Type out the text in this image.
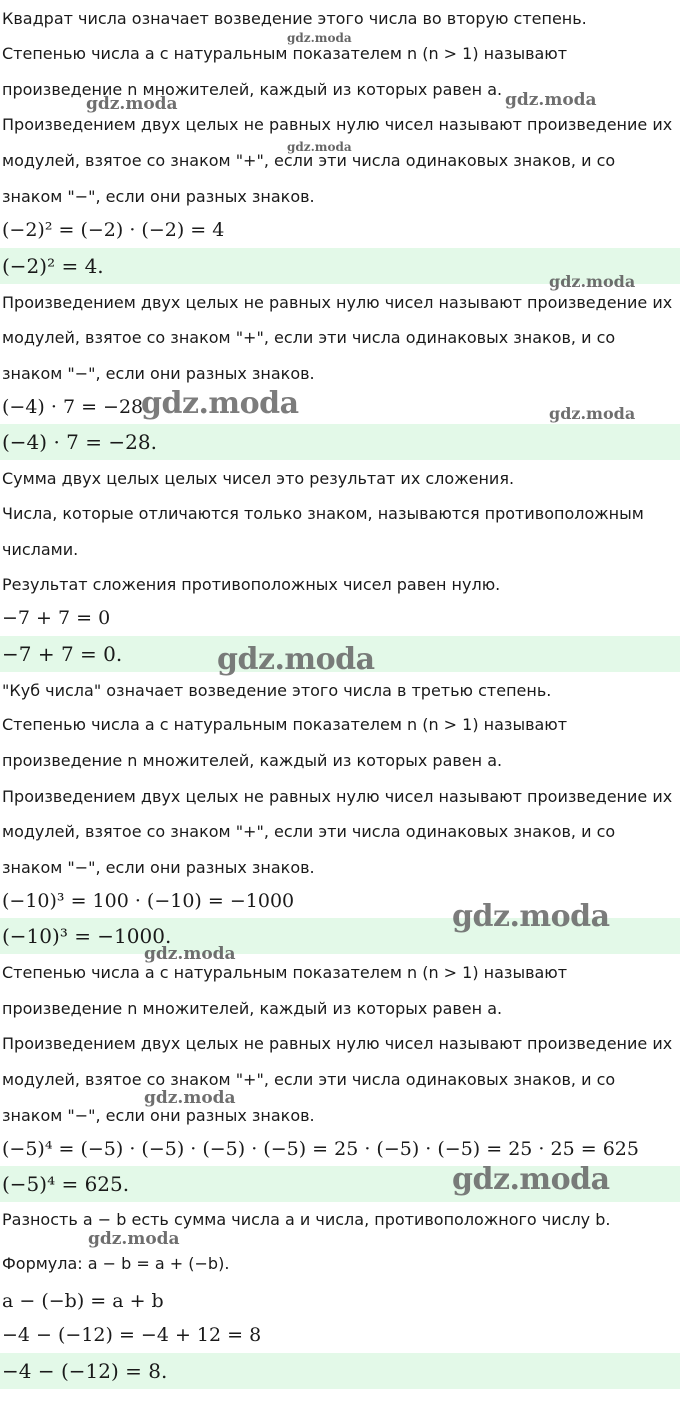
Квадрат числа означает возведение этого числа во вторую степень.
Степенью числа a с натуральным показателем n (n > 1) называют
произведение n множителей, каждый из которых равен a.
Произведением двух целых не равных нулю чисел называют произведение их
модулей, взятое со знаком "+", если эти числа одинаковых знаков, и со
знаком "−", если они разных знаков.
(−2)² = (−2) · (−2) = 4
(−2)² = 4.
Произведением двух целых не равных нулю чисел называют произведение их
модулей, взятое со знаком "+", если эти числа одинаковых знаков, и со
знаком "−", если они разных знаков.
(−4) · 7 = −28
(−4) · 7 = −28.
Сумма двух целых целых чисел это результат их сложения.
Числа, которые отличаются только знаком, называются противоположным
числами.
Результат сложения противоположных чисел равен нулю.
−7 + 7 = 0
−7 + 7 = 0.
"Куб числа" означает возведение этого числа в третью степень.
Степенью числа a с натуральным показателем n (n > 1) называют
произведение n множителей, каждый из которых равен a.
Произведением двух целых не равных нулю чисел называют произведение их
модулей, взятое со знаком "+", если эти числа одинаковых знаков, и со
знаком "−", если они разных знаков.
(−10)³ = 100 · (−10) = −1000
(−10)³ = −1000.
Степенью числа a с натуральным показателем n (n > 1) называют
произведение n множителей, каждый из которых равен a.
Произведением двух целых не равных нулю чисел называют произведение их
модулей, взятое со знаком "+", если эти числа одинаковых знаков, и со
знаком "−", если они разных знаков.
(−5)⁴ = (−5) · (−5) · (−5) · (−5) = 25 · (−5) · (−5) = 25 · 25 = 625
(−5)⁴ = 625.
Разность a − b есть сумма числа a и числа, противоположного числу b.
Формула: a − b = a + (−b).
a − (−b) = a + b
−4 − (−12) = −4 + 12 = 8
−4 − (−12) = 8.
gdz.moda
gdz.moda
gdz.moda	gdz.moda
gdz.moda
gdz.moda	gdz.moda
gdz.moda
gdz.moda
gdz.moda
gdz.moda
gdz.moda
gdz.moda
